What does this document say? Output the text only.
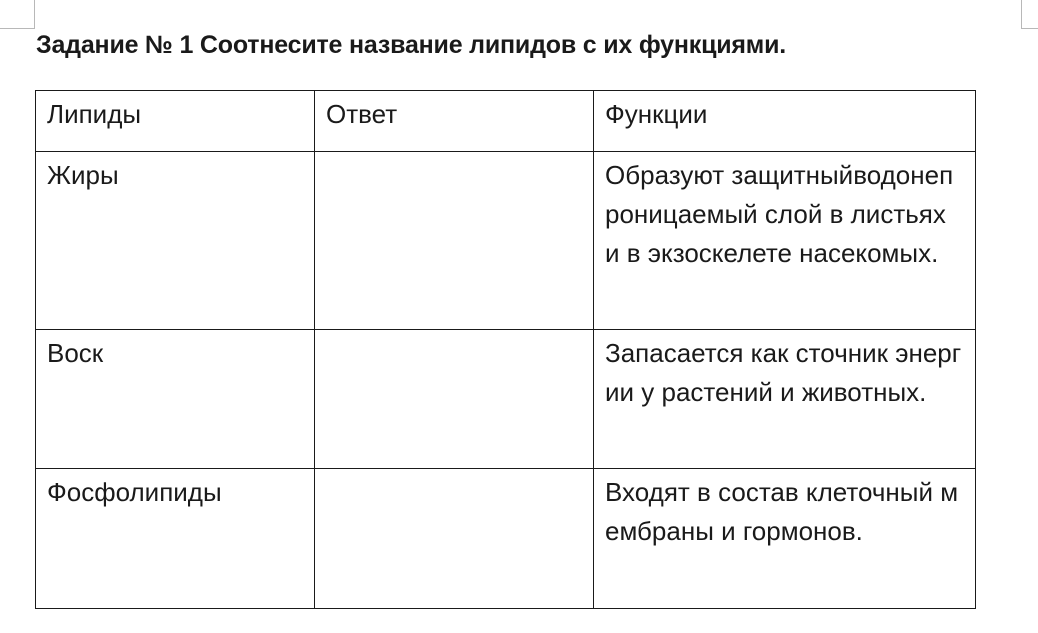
Задание № 1 Соотнесите название липидов с их функциями.
Липиды	Ответ	Функции
Жиры		Образуют защитныйводонепроницаемый слой в листьях и в экзоскелете насекомых.
Воск		Запасается как сточник энергии у растений и животных.
Фосфолипиды		Входят в состав клеточный мембраны и гормонов.
